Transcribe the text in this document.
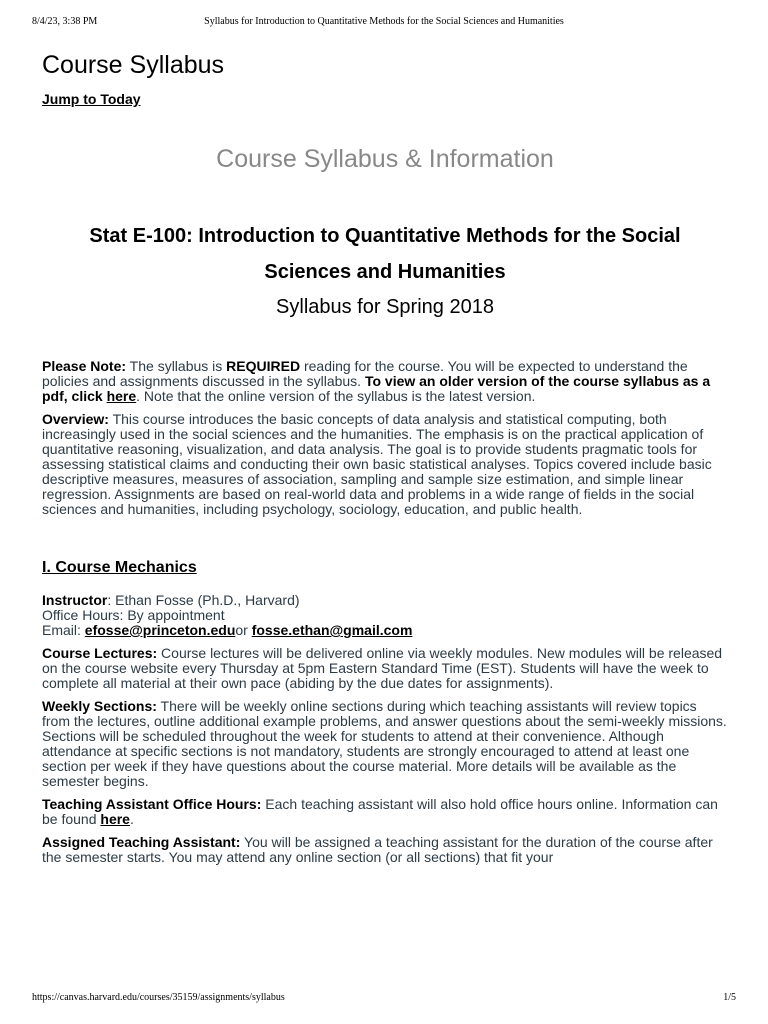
8/4/23, 3:38 PM	Syllabus for Introduction to Quantitative Methods for the Social Sciences and Humanities
Course Syllabus
Jump to Today
Course Syllabus & Information
Stat E-100: Introduction to Quantitative Methods for the Social Sciences and Humanities
Syllabus for Spring 2018

Please Note: The syllabus is REQUIRED reading for the course. You will be expected to understand the policies and assignments discussed in the syllabus. To view an older version of the course syllabus as a pdf, click here. Note that the online version of the syllabus is the latest version.

Overview: This course introduces the basic concepts of data analysis and statistical computing, both increasingly used in the social sciences and the humanities. The emphasis is on the practical application of quantitative reasoning, visualization, and data analysis. The goal is to provide students pragmatic tools for assessing statistical claims and conducting their own basic statistical analyses. Topics covered include basic descriptive measures, measures of association, sampling and sample size estimation, and simple linear regression. Assignments are based on real-world data and problems in a wide range of fields in the social sciences and humanities, including psychology, sociology, education, and public health.

I. Course Mechanics

Instructor: Ethan Fosse (Ph.D., Harvard)
Office Hours: By appointment
Email: efosse@princeton.eduor fosse.ethan@gmail.com

Course Lectures: Course lectures will be delivered online via weekly modules. New modules will be released on the course website every Thursday at 5pm Eastern Standard Time (EST). Students will have the week to complete all material at their own pace (abiding by the due dates for assignments).

Weekly Sections: There will be weekly online sections during which teaching assistants will review topics from the lectures, outline additional example problems, and answer questions about the semi-weekly missions. Sections will be scheduled throughout the week for students to attend at their convenience. Although attendance at specific sections is not mandatory, students are strongly encouraged to attend at least one section per week if they have questions about the course material. More details will be available as the semester begins.

Teaching Assistant Office Hours: Each teaching assistant will also hold office hours online. Information can be found here.

Assigned Teaching Assistant: You will be assigned a teaching assistant for the duration of the course after the semester starts. You may attend any online section (or all sections) that fit your

https://canvas.harvard.edu/courses/35159/assignments/syllabus	1/5
